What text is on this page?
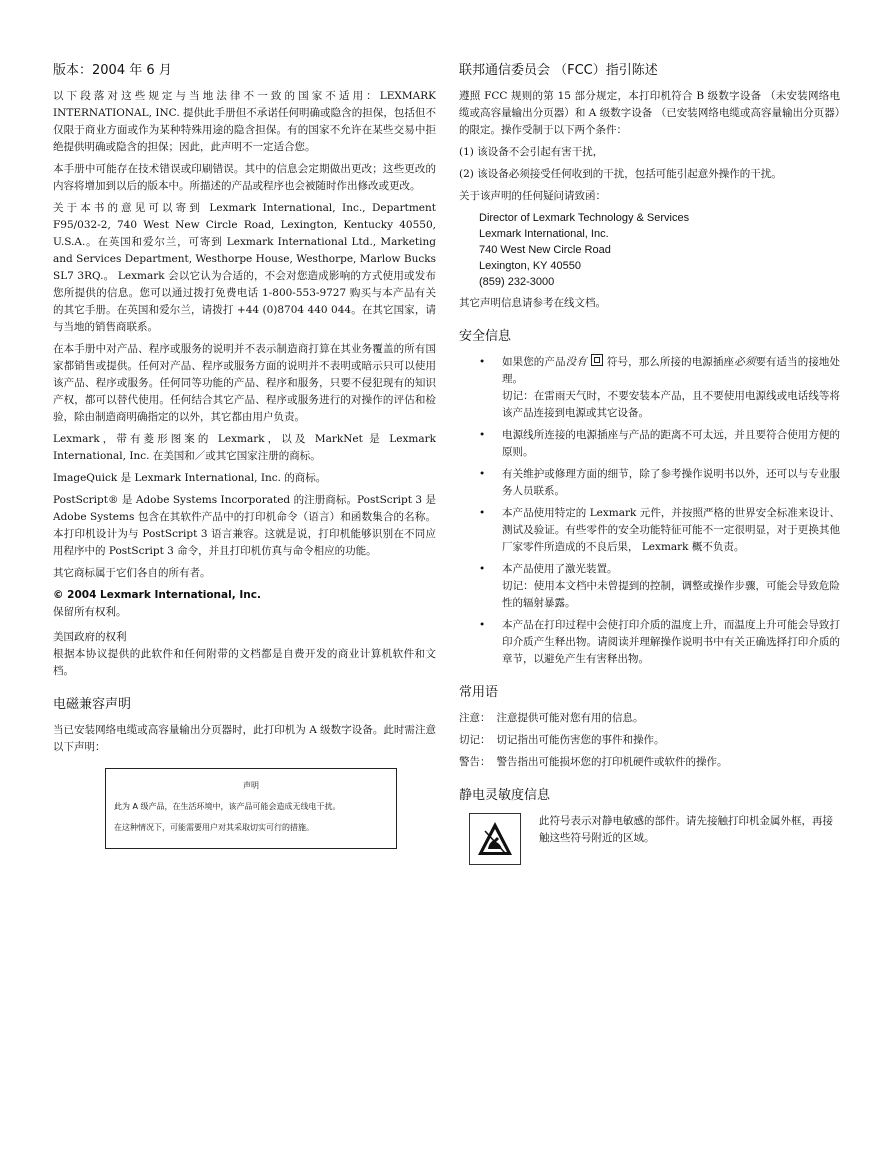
版本：2004 年 6 月

以下段落对这些规定与当地法律不一致的国家不适用：LEXMARK INTERNATIONAL, INC. 提供此手册但不承诺任何明确或隐含的担保，包括但不仅限于商业方面或作为某种特殊用途的隐含担保。有的国家不允许在某些交易中拒绝提供明确或隐含的担保；因此，此声明不一定适合您。

本手册中可能存在技术错误或印刷错误。其中的信息会定期做出更改；这些更改的内容将增加到以后的版本中。所描述的产品或程序也会被随时作出修改或更改。

关于本书的意见可以寄到 Lexmark International, Inc., Department F95/032-2, 740 West New Circle Road, Lexington, Kentucky 40550, U.S.A.。在英国和爱尔兰，可寄到 Lexmark International Ltd., Marketing and Services Department, Westhorpe House, Westhorpe, Marlow Bucks SL7 3RQ.。 Lexmark 会以它认为合适的，不会对您造成影响的方式使用或发布您所提供的信息。您可以通过拨打免费电话 1-800-553-9727 购买与本产品有关的其它手册。在英国和爱尔兰，请拨打 +44 (0)8704 440 044。在其它国家，请与当地的销售商联系。

在本手册中对产品、程序或服务的说明并不表示制造商打算在其业务覆盖的所有国家都销售或提供。任何对产品、程序或服务方面的说明并不表明或暗示只可以使用该产品、程序或服务。任何同等功能的产品、程序和服务，只要不侵犯现有的知识产权，都可以替代使用。任何结合其它产品、程序或服务进行的对操作的评估和检验，除由制造商明确指定的以外，其它都由用户负责。

Lexmark，带有菱形图案的 Lexmark，以及 MarkNet 是 Lexmark International, Inc. 在美国和／或其它国家注册的商标。

ImageQuick 是 Lexmark International, Inc. 的商标。

PostScript® 是 Adobe Systems Incorporated 的注册商标。PostScript 3 是 Adobe Systems 包含在其软件产品中的打印机命令（语言）和函数集合的名称。本打印机设计为与 PostScript 3 语言兼容。这就是说，打印机能够识别在不同应用程序中的 PostScript 3 命令，并且打印机仿真与命令相应的功能。

其它商标属于它们各自的所有者。

© 2004 Lexmark International, Inc.
保留所有权利。
美国政府的权利

根据本协议提供的此软件和任何附带的文档都是自费开发的商业计算机软件和文档。

电磁兼容声明

当已安装网络电缆或高容量输出分页器时，此打印机为 A 级数字设备。此时需注意以下声明：

声明
此为 A 级产品，在生活环境中，该产品可能会造成无线电干扰。
在这种情况下，可能需要用户对其采取切实可行的措施。
联邦通信委员会 （FCC）指引陈述

遵照 FCC 规则的第 15 部分规定，本打印机符合 B 级数字设备 （未安装网络电缆或高容量输出分页器）和 A 级数字设备 （已安装网络电缆或高容量输出分页器）的限定。操作受制于以下两个条件：

(1) 该设备不会引起有害干扰，

(2) 该设备必须接受任何收到的干扰，包括可能引起意外操作的干扰。

关于该声明的任何疑问请致函：

Director of Lexmark Technology & Services
Lexmark International, Inc.
740 West New Circle Road
Lexington, KY 40550
(859) 232-3000

其它声明信息请参考在线文档。

安全信息
• 如果您的产品没有 符号，那么所接的电源插座必须要有适当的接地处理。
切记：在雷雨天气时，不要安装本产品，且不要使用电源线或电话线等将该产品连接到电源或其它设备。
• 电源线所连接的电源插座与产品的距离不可太远，并且要符合使用方便的原则。
• 有关维护或修理方面的细节，除了参考操作说明书以外，还可以与专业服务人员联系。
• 本产品使用特定的 Lexmark 元件，并按照严格的世界安全标准来设计、测试及验证。有些零件的安全功能特征可能不一定很明显，对于更换其他厂家零件所造成的不良后果， Lexmark 概不负责。
• 本产品使用了激光装置。
切记：使用本文档中未曾提到的控制，调整或操作步骤，可能会导致危险性的辐射暴露。
• 本产品在打印过程中会使打印介质的温度上升，而温度上升可能会导致打印介质产生释出物。请阅读并理解操作说明书中有关正确选择打印介质的章节，以避免产生有害释出物。
常用语
注意： 注意提供可能对您有用的信息。
切记： 切记指出可能伤害您的事件和操作。
警告： 警告指出可能损坏您的打印机硬件或软件的操作。
静电灵敏度信息
此符号表示对静电敏感的部件。请先接触打印机金属外框，再接触这些符号附近的区域。
